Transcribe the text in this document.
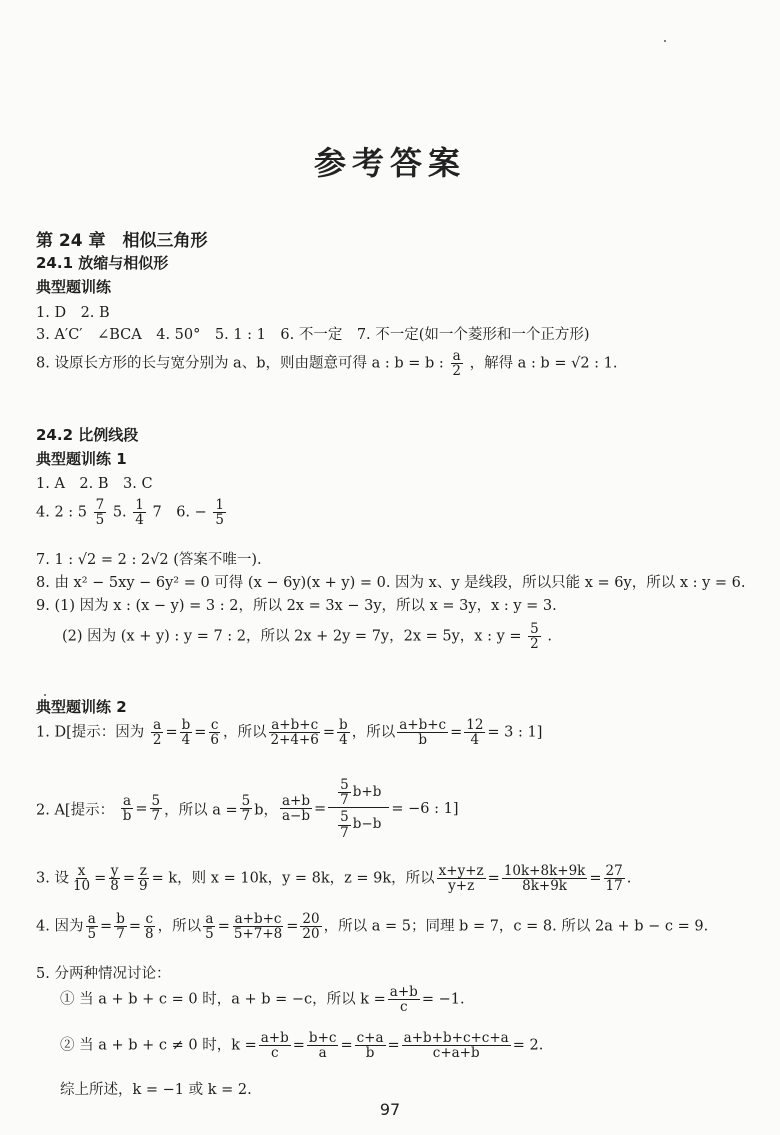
参考答案
第 24 章　相似三角形
24.1 放缩与相似形
典型题训练
1. D　2. B
3. A′C′　∠BCA　4. 50°　5. 1 : 1　6. 不一定　7. 不一定(如一个菱形和一个正方形)
8. 设原长方形的长与宽分别为 a、b，则由题意可得 a : b = b : $\frac{a}{2}$ ，解得 a : b = √2 : 1.
24.2 比例线段
典型题训练 1
1. A　2. B　3. C
4. 2 : $5 \frac{7}{5} 5$. $\frac{1}{4} 7$　6. − $\frac{1}{5}$
7. 1 : √2 = 2 : 2√2 (答案不唯一).
8. 由 x² − 5xy − 6y² = 0 可得 (x − 6y)(x + y) = 0. 因为 x、y 是线段，所以只能 x = 6y，所以 x : y = 6.
9. (1) 因为 x : (x − y) = 3 : 2，所以 2x = 3x − 3y，所以 x = 3y，x : y = 3.
(2) 因为 (x + y) : y = 7 : 2，所以 2x + 2y = 7y，2x = 5y，x : $y = \frac{5}{2}$ .
典型题训练 2
1. D[提示：因为 $\frac{a}{2} = \frac{b}{4} = \frac{c}{6}$ ，所以 $\frac{a+b+c}{2+4+6} = \frac{b}{4}$ ，所以 $\frac{a+b+c}{b} = \frac{12}{4} = 3$ : 1]
2. A[提示： $\frac{a}{b} = \frac{5}{7}$ ，所以 $a = \frac{5}{7}$ b， $\frac{a+b}{a-b} = \frac{\frac{5}{7} b+b}{\frac{5}{7} b-b} = -6$ : 1]
3. 设 $\frac{x}{10} = \frac{y}{8} = \frac{z}{9} = k$，则 x = 10k，y = 8k，z = 9k，所以 $\frac{x+y+z}{y+z} = \frac{10k+8k+9k}{8k+9k} = \frac{27}{17}$ .
4. 因为 $\frac{a}{5} = \frac{b}{7} = \frac{c}{8}$ ，所以 $\frac{a}{5} = \frac{a+b+c}{5+7+8} = \frac{20}{20}$ ，所以 a = 5；同理 b = 7，c = 8. 所以 2a + b − c = 9.
5. 分两种情况讨论：
① 当 a + b + c = 0 时，a + b = −c，所以 $k = \frac{a+b}{c} = -1$.
② 当 a + b + c ≠ 0 时，$k = \frac{a+b}{c} = \frac{b+c}{a} = \frac{c+a}{b} = \frac{a+b+b+c+c+a}{c+a+b} = 2$.
综上所述，k = −1 或 k = 2.
97
